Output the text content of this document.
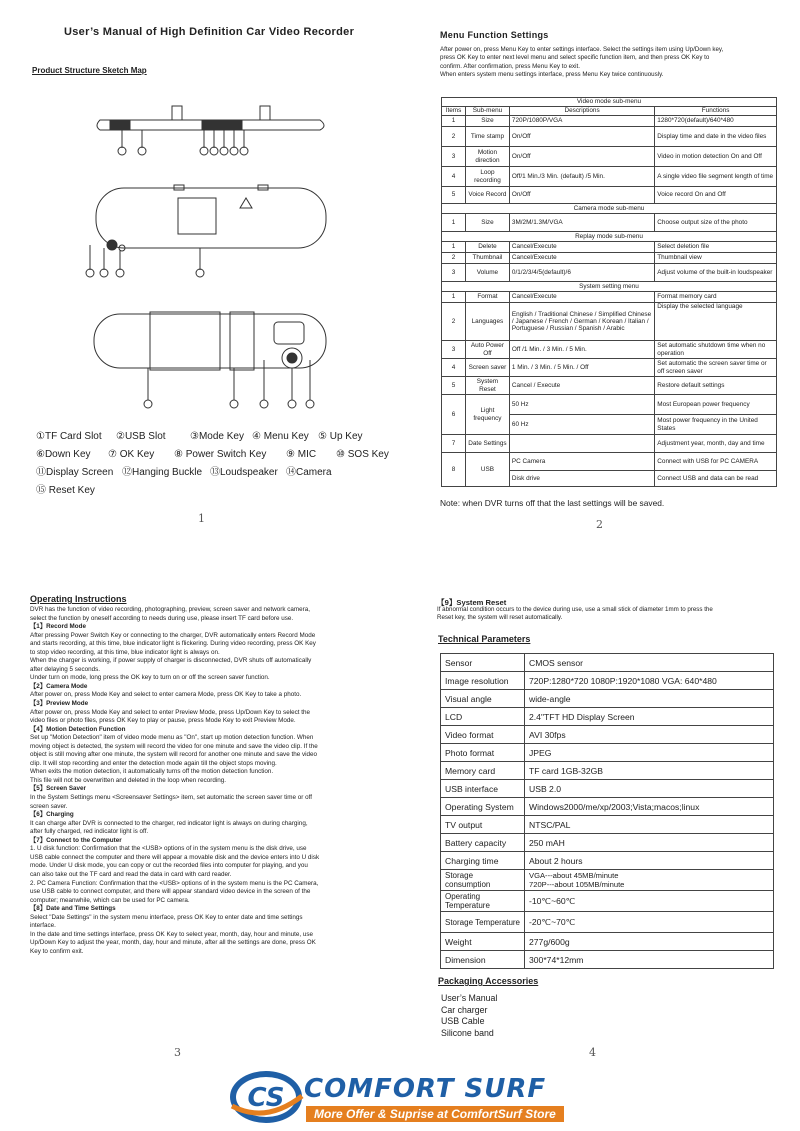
User’s Manual of High Definition Car Video Recorder
Product Structure Sketch Map
①TF Card Slot ②USB Slot ③Mode Key ④ Menu Key ⑤ Up Key
⑥Down Key ⑦ OK Key ⑧ Power Switch Key ⑨ MIC ⑩ SOS Key
⑪Display Screen ⑫Hanging Buckle ⑬Loudspeaker ⑭Camera⑮ Reset Key
1
Menu Function Settings
After power on, press Menu Key to enter settings interface. Select the settings item using Up/Down key,
press OK Key to enter next level menu and select specific function item, and then press OK Key to
confirm. After confirmation, press Menu Key to exit.
When enters system menu settings interface, press Menu Key twice continuously.
Video mode sub-menu			
Items	Sub-menu	Descriptions	Functions
1	Size	720P/1080P/VGA	1280*720(default)/640*480
2	Time stamp	On/Off	Display time and date in the video files
3	Motion direction	On/Off	Video in motion detection On and Off
4	Loop recording	Off/1 Min./3 Min. (default) /5 Min.	A single video file segment length of time
5	Voice Record	On/Off	Voice record On and Off
Camera mode sub-menu			
1	Size	3M/2M/1.3M/VGA	Choose output size of the photo
Replay mode sub-menu			
1	Delete	Cancel/Execute	Select deletion file
2	Thumbnail	Cancel/Execute	Thumbnail view
3	Volume	0/1/2/3/4/5(default)/6	Adjust volume of the built-in loudspeaker
System setting menu			
1	Format	Cancel/Execute	Format memory card
2	Languages	English / Traditional Chinese / Simplified Chinese / Japanese / French / German / Korean / Italian / Portuguese / Russian / Spanish / Arabic	Display the selected language
3	Auto Power Off	Off /1 Min. / 3 Min. / 5 Min.	Set automatic shutdown time when no operation
4	Screen saver	1 Min. / 3 Min. / 5 Min. / Off	Set automatic the screen saver time or off screen saver
5	System Reset	Cancel / Execute	Restore default settings
6	Light frequency	50 Hz	Most European power frequency
		60 Hz	Most power frequency in the United States
7	Date Settings		Adjustment year, month, day and time
8	USB	PC Camera	Connect with USB for PC CAMERA
		Disk drive	Connect USB and data can be read
Note: when DVR turns off that the last settings will be saved.
2
Operating Instructions

DVR has the function of video recording, photographing, preview, screen saver and network camera,

select the function by oneself according to needs during use, please insert TF card before use.

【1】Record Mode

After pressing Power Switch Key or connecting to the charger, DVR automatically enters Record Mode

and starts recording, at this time, blue indicator light is flickering. During video recording, press OK Key

to stop video recording, at this time, blue indicator light is always on.

When the charger is working, if power supply of charger is disconnected, DVR shuts off automatically

after delaying 5 seconds.

Under turn on mode, long press the OK key to turn on or off the screen saver function.

【2】Camera Mode

After power on, press Mode Key and select to enter camera Mode, press OK Key to take a photo.

【3】Preview Mode

After power on, press Mode Key and select to enter Preview Mode, press Up/Down Key to select the

video files or photo files, press OK Key to play or pause, press Mode Key to exit Preview Mode.

【4】Motion Detection Function

Set up "Motion Detection" item of video mode menu as "On", start up motion detection function. When

moving object is detected, the system will record the video for one minute and save the video clip. If the

object is still moving after one minute, the system will record for another one minute and save the video

clip. It will stop recording and enter the detection mode again till the object stops moving.

When exits the motion detection, it automatically turns off the motion detection function.

This file will not be overwritten and deleted in the loop when recording.

【5】Screen Saver

In the System Settings menu <Screensaver Settings> item, set automatic the screen saver time or off

screen saver.

【6】Charging

It can charge after DVR is connected to the charger, red indicator light is always on during charging,

after fully charged, red indicator light is off.

【7】Connect to the Computer

1. U disk function: Confirmation that the <USB> options of in the system menu is the disk drive, use

USB cable connect the computer and there will appear a movable disk and the device enters into U disk

mode. Under U disk mode, you can copy or cut the recorded files into computer for playing, and you

can also take out the TF card and read the data in card with card reader.

2. PC Camera Function: Confirmation that the <USB> options of in the system menu is the PC Camera,

use USB cable to connect computer, and there will appear standard video device in the screen of the

computer; meanwhile, which can be used for PC camera.

【8】Date and Time Settings

Select "Date Settings" in the system menu interface, press OK Key to enter date and time settings

interface.

In the date and time settings interface, press OK Key to select year, month, day, hour and minute, use

Up/Down Key to adjust the year, month, day, hour and minute, after all the settings are done, press OK

Key to confirm exit.

3
【9】System Reset
If abnormal condition occurs to the device during use, use a small stick of diameter 1mm to press the
Reset key, the system will reset automatically.
Technical Parameters
Sensor	CMOS sensor
Image resolution	720P:1280*720 1080P:1920*1080 VGA: 640*480
Visual angle	wide-angle
LCD	2.4"TFT HD Display Screen
Video format	AVI 30fps
Photo format	JPEG
Memory card	TF card 1GB-32GB
USB interface	USB 2.0
Operating System	Windows2000/me/xp/2003;Vista;macos;linux
TV output	NTSC/PAL
Battery capacity	250 mAH
Charging time	About 2 hours
Storage consumption	VGA---about 45MB/minute
720P---about 105MB/minute
Operating Temperature	-10℃~60℃
Storage Temperature	-20℃~70℃
Weight	277g/600g
Dimension	300*74*12mm
Packaging Accessories
User’s Manual
Car charger
USB Cable
Silicone band
4
CS COMFORT SURF
More Offer & Suprise at ComfortSurf Store
